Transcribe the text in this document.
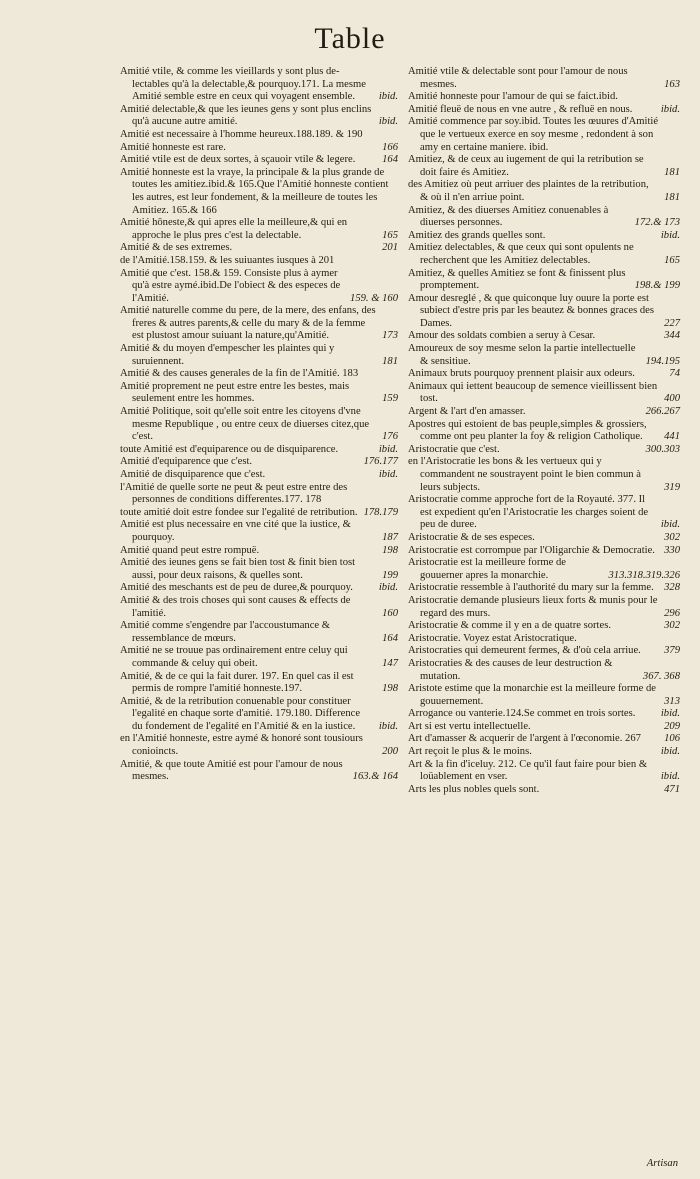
Table
Amitié vtile, & comme les vieillards y sont plus de-lectables qu'à la delectable,& pourquoy.171. La mesme Amitié semble estre en ceux qui voyagent ensemble.	ibid.
Amitié delectable,& que les ieunes gens y sont plus enclins qu'à aucune autre amitié.	ibid.
Amitié est necessaire à l'homme heureux.188.189. & 190
Amitié honneste est rare.	166
Amitié vtile est de deux sortes, à sçauoir vtile & legere.	164
Amitié honneste est la vraye, la principale & la plus grande de toutes les amitiez.ibid.& 165.Que l'Amitié honneste contient les autres, est leur fondement, & la meilleure de toutes les Amitiez. 165.& 166
Amitié hōneste,& qui apres elle la meilleure,& qui en approche le plus pres c'est la delectable.	165
Amitié & de ses extremes.	201
de l'Amitié.158.159. & les suiuantes iusques à 201
Amitié que c'est. 158.& 159. Consiste plus à aymer qu'à estre aymé.ibid.De l'obiect & des especes de l'Amitié.	159. & 160
Amitié naturelle comme du pere, de la mere, des enfans, des freres & autres parents,& celle du mary & de la femme est plustost amour suiuant la nature,qu'Amitié.	173
Amitié & du moyen d'empescher les plaintes qui y suruiennent.	181
Amitié & des causes generales de la fin de l'Amitié. 183
Amitié proprement ne peut estre entre les bestes, mais seulement entre les hommes.	159
Amitié Politique, soit qu'elle soit entre les citoyens d'vne mesme Republique , ou entre ceux de diuerses citez,que c'est.	176
toute Amitié est d'equiparence ou de disquiparence.	ibid.
Amitié d'equiparence que c'est.	176.177
Amitié de disquiparence que c'est.	ibid.
l'Amitié de quelle sorte ne peut & peut estre entre des personnes de conditions differentes.177. 178
toute amitié doit estre fondee sur l'egalité de retribution. 178.179
Amitié est plus necessaire en vne cité que la iustice, & pourquoy.	187
Amitié quand peut estre rompuë.	198
Amitié des ieunes gens se fait bien tost & finit bien tost aussi, pour deux raisons, & quelles sont.	199
Amitié des meschants est de peu de duree,& pourquoy.	ibid.
Amitié & des trois choses qui sont causes & effects de l'amitié.	160
Amitié comme s'engendre par l'accoustumance & ressemblance de mœurs.	164
Amitié ne se trouue pas ordinairement entre celuy qui commande & celuy qui obeit.	147
Amitié, & de ce qui la fait durer. 197. En quel cas il est permis de rompre l'amitié honneste.197.	198
Amitié, & de la retribution conuenable pour constituer l'egalité en chaque sorte d'amitié. 179.180. Difference du fondement de l'egalité en l'Amitié & en la iustice.	ibid.
en l'Amitié honneste, estre aymé & honoré sont tousiours conioincts.	200
Amitié, & que toute Amitié est pour l'amour de nous mesmes.	163.& 164
Amitié vtile & delectable sont pour l'amour de nous mesmes.	163
Amitié honneste pour l'amour de qui se faict.ibid.
Amitié fleuë de nous en vne autre , & refluë en nous.	ibid.
Amitié commence par soy.ibid. Toutes les œuures d'Amitié que le vertueux exerce en soy mesme , redondent à son amy en certaine maniere. ibid.
Amitiez, & de ceux au iugement de qui la retribution se doit faire és Amitiez.	181
des Amitiez où peut arriuer des plaintes de la retribution, & où il n'en arriue point.	181
Amitiez, & des diuerses Amitiez conuenables à diuerses personnes.	172.& 173
Amitiez des grands quelles sont.	ibid.
Amitiez delectables, & que ceux qui sont opulents ne recherchent que les Amitiez delectables.	165
Amitiez, & quelles Amitiez se font & finissent plus promptement.	198.& 199
Amour desreglé , & que quiconque luy ouure la porte est subiect d'estre pris par les beautez & bonnes graces des Dames.	227
Amour des soldats combien a seruy à Cesar.	344
Amoureux de soy mesme selon la partie intellectuelle & sensitiue.	194.195
Animaux bruts pourquoy prennent plaisir aux odeurs.	74
Animaux qui iettent beaucoup de semence vieillissent bien tost.	400
Argent & l'art d'en amasser.	266.267
Apostres qui estoient de bas peuple,simples & grossiers, comme ont peu planter la foy & religion Catholique.	441
Aristocratie que c'est.	300.303
en l'Aristocratie les bons & les vertueux qui y commandent ne soustrayent point le bien commun à leurs subjects.	319
Aristocratie comme approche fort de la Royauté. 377. Il est expedient qu'en l'Aristocratie les charges soient de peu de duree.	ibid.
Aristocratie & de ses especes.	302
Aristocratie est corrompue par l'Oligarchie & Democratie. 330
Aristocratie est la meilleure forme de gouuerner apres la monarchie.	313.318.319.326
Aristocratie ressemble à l'authorité du mary sur la femme. 328
Aristocratie demande plusieurs lieux forts & munis pour le regard des murs.	296
Aristocratie & comme il y en a de quatre sortes.	302
Aristocratie. Voyez estat Aristocratique.
Aristocraties qui demeurent fermes, & d'où cela arriue.	379
Aristocraties & des causes de leur destruction & mutation.	367. 368
Aristote estime que la monarchie est la meilleure forme de gouuernement.	313
Arrogance ou vanterie.124.Se commet en trois sortes.	ibid.
Art si est vertu intellectuelle.	209
Art d'amasser & acquerir de l'argent à l'œconomie. 267	106
Art reçoit le plus & le moins.	ibid.
Art & la fin d'iceluy. 212. Ce qu'il faut faire pour bien & loüablement en vser.	ibid.
Arts les plus nobles quels sont.	471
Artisan
